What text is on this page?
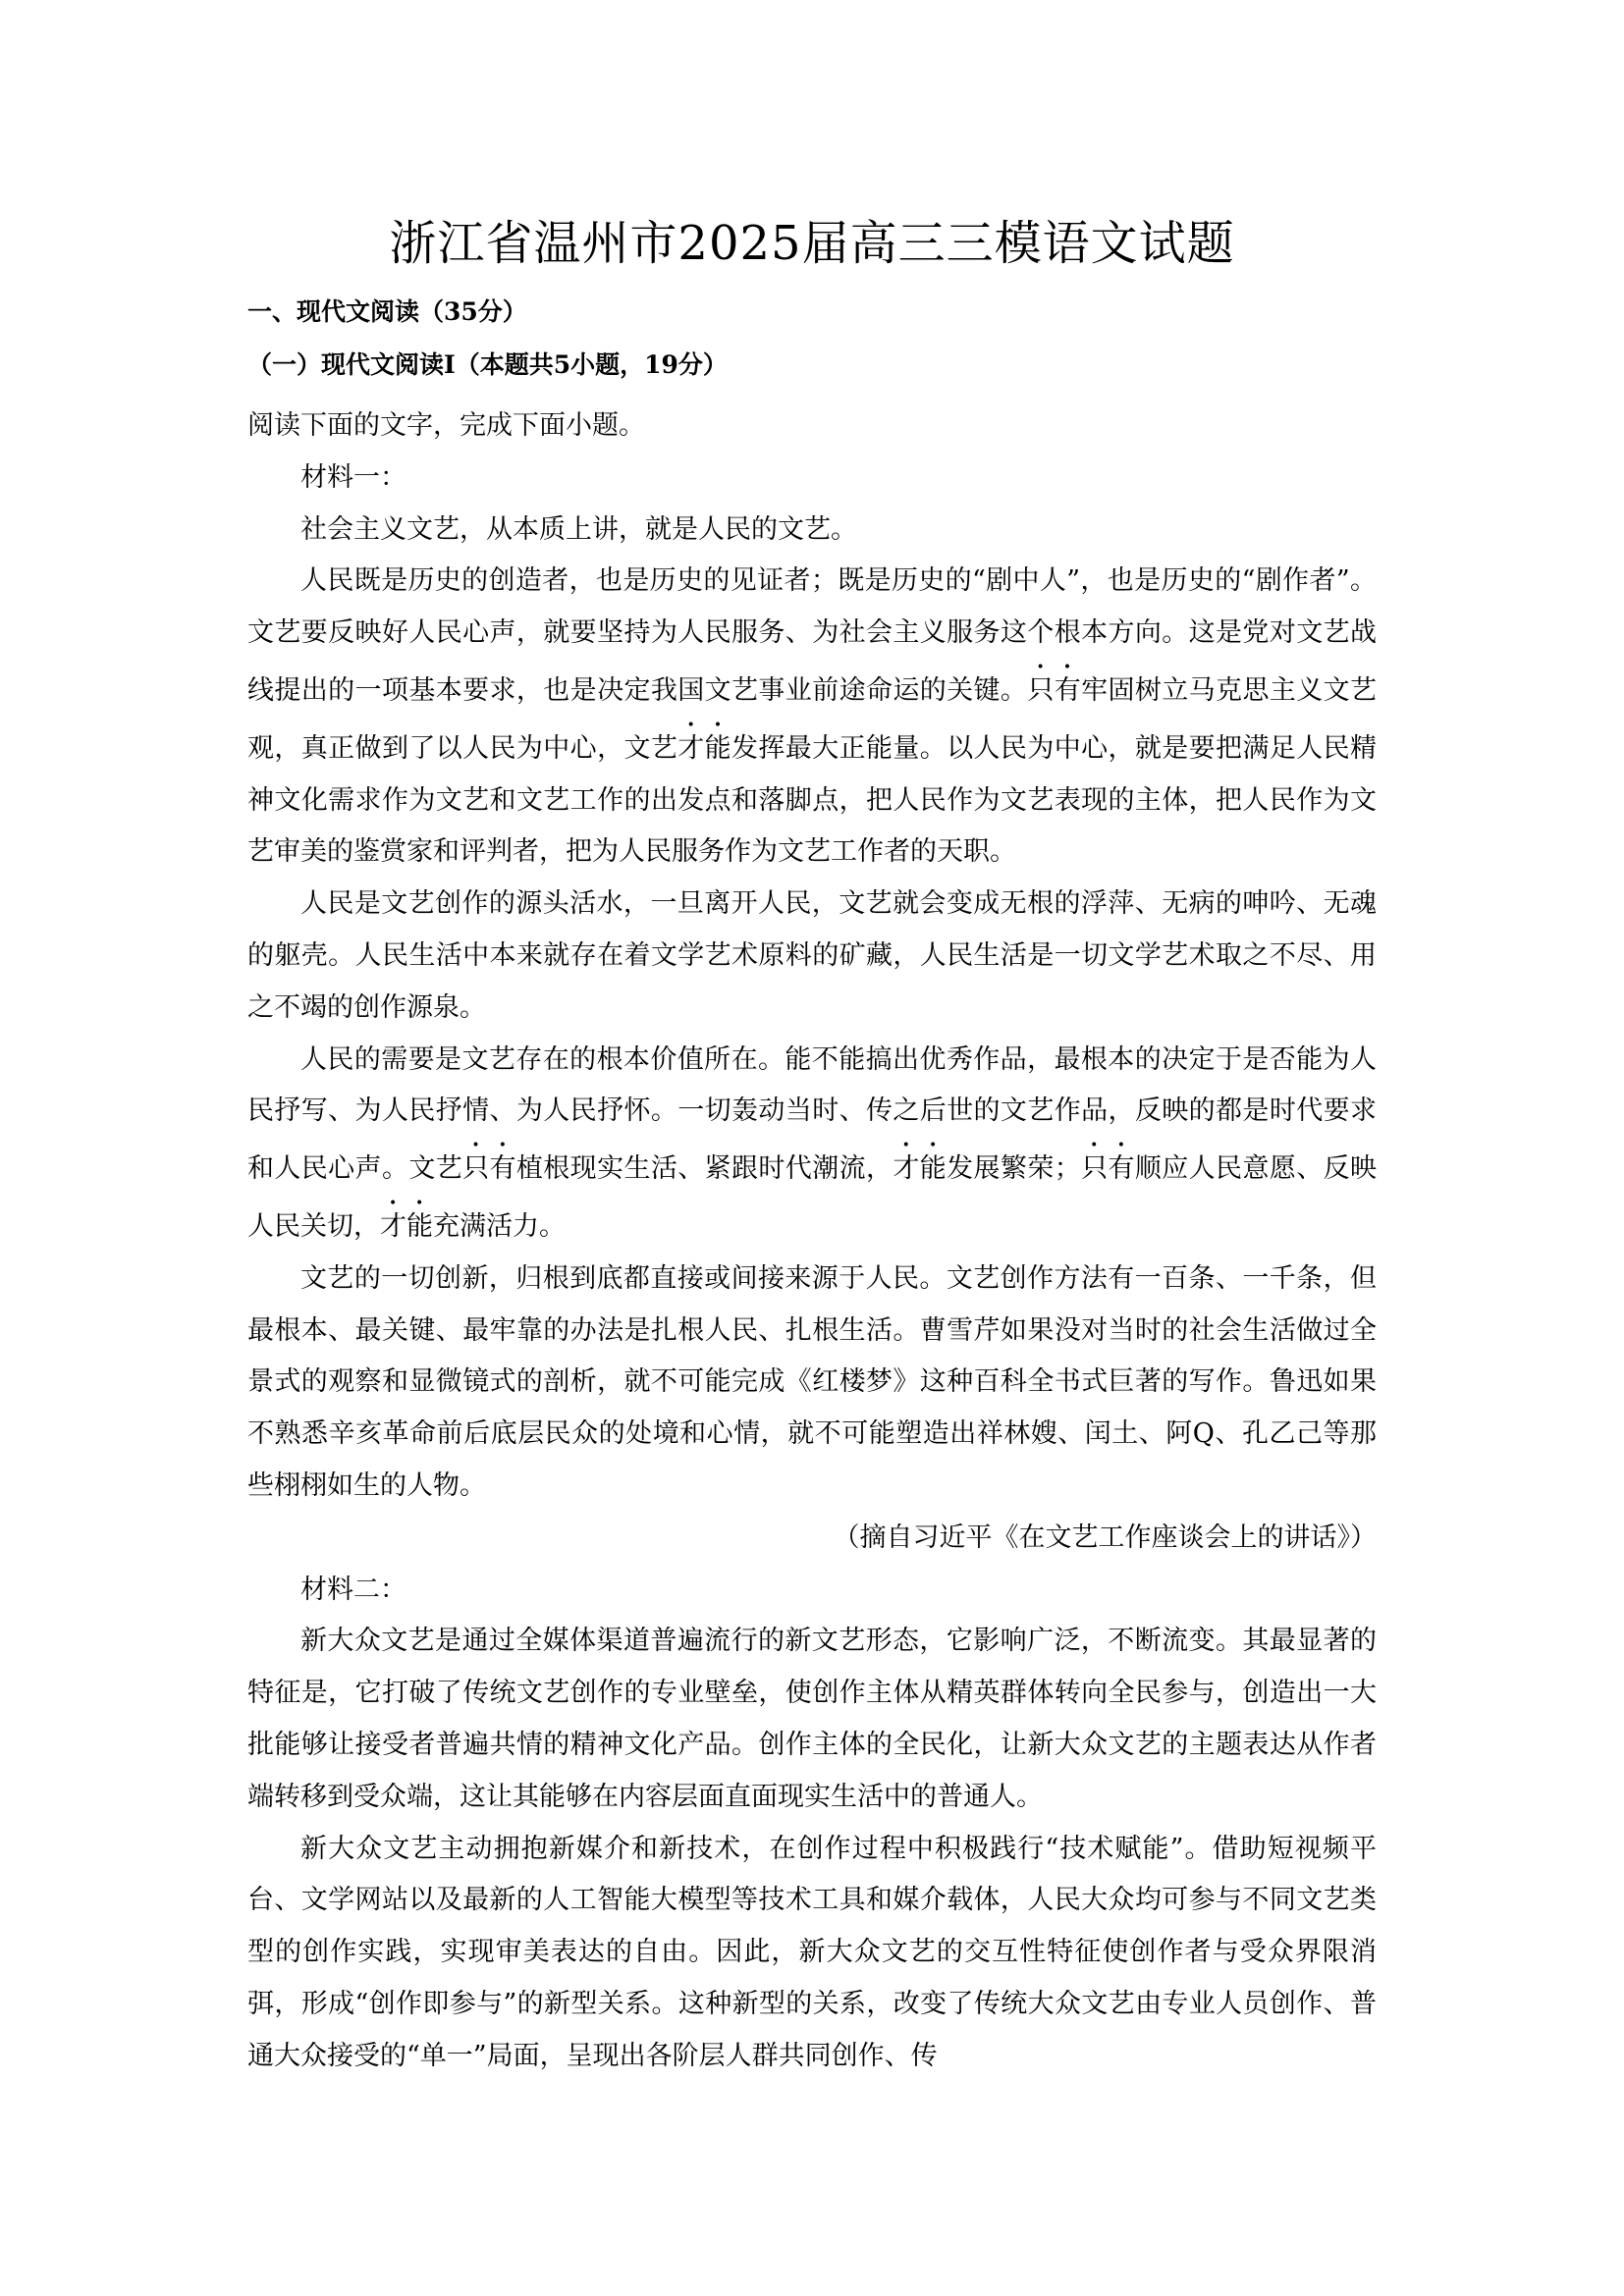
浙江省温州市2025届高三三模语文试题
一、现代文阅读（35分）
（一）现代文阅读Ⅰ（本题共5小题，19分）

阅读下面的文字，完成下面小题。

材料一：

社会主义文艺，从本质上讲，就是人民的文艺。

人民既是历史的创造者，也是历史的见证者；既是历史的“剧中人”，也是历史的“剧作者”。文艺要反映好人民心声，就要坚持为人民服务、为社会主义服务这个根本方向。这是党对文艺战线提出的一项基本要求，也是决定我国文艺事业前途命运的关键。只有牢固树立马克思主义文艺观，真正做到了以人民为中心，文艺才能发挥最大正能量。以人民为中心，就是要把满足人民精神文化需求作为文艺和文艺工作的出发点和落脚点，把人民作为文艺表现的主体，把人民作为文艺审美的鉴赏家和评判者，把为人民服务作为文艺工作者的天职。

人民是文艺创作的源头活水，一旦离开人民，文艺就会变成无根的浮萍、无病的呻吟、无魂的躯壳。人民生活中本来就存在着文学艺术原料的矿藏，人民生活是一切文学艺术取之不尽、用之不竭的创作源泉。

人民的需要是文艺存在的根本价值所在。能不能搞出优秀作品，最根本的决定于是否能为人民抒写、为人民抒情、为人民抒怀。一切轰动当时、传之后世的文艺作品，反映的都是时代要求和人民心声。文艺只有植根现实生活、紧跟时代潮流，才能发展繁荣；只有顺应人民意愿、反映人民关切，才能充满活力。

文艺的一切创新，归根到底都直接或间接来源于人民。文艺创作方法有一百条、一千条，但最根本、最关键、最牢靠的办法是扎根人民、扎根生活。曹雪芹如果没对当时的社会生活做过全景式的观察和显微镜式的剖析，就不可能完成《红楼梦》这种百科全书式巨著的写作。鲁迅如果不熟悉辛亥革命前后底层民众的处境和心情，就不可能塑造出祥林嫂、闰土、阿Q、孔乙己等那些栩栩如生的人物。

（摘自习近平《在文艺工作座谈会上的讲话》）

材料二：

新大众文艺是通过全媒体渠道普遍流行的新文艺形态，它影响广泛，不断流变。其最显著的特征是，它打破了传统文艺创作的专业壁垒，使创作主体从精英群体转向全民参与，创造出一大批能够让接受者普遍共情的精神文化产品。创作主体的全民化，让新大众文艺的主题表达从作者端转移到受众端，这让其能够在内容层面直面现实生活中的普通人。

新大众文艺主动拥抱新媒介和新技术，在创作过程中积极践行“技术赋能”。借助短视频平台、文学网站以及最新的人工智能大模型等技术工具和媒介载体，人民大众均可参与不同文艺类型的创作实践，实现审美表达的自由。因此，新大众文艺的交互性特征使创作者与受众界限消弭，形成“创作即参与”的新型关系。这种新型的关系，改变了传统大众文艺由专业人员创作、普通大众接受的“单一”局面，呈现出各阶层人群共同创作、传
